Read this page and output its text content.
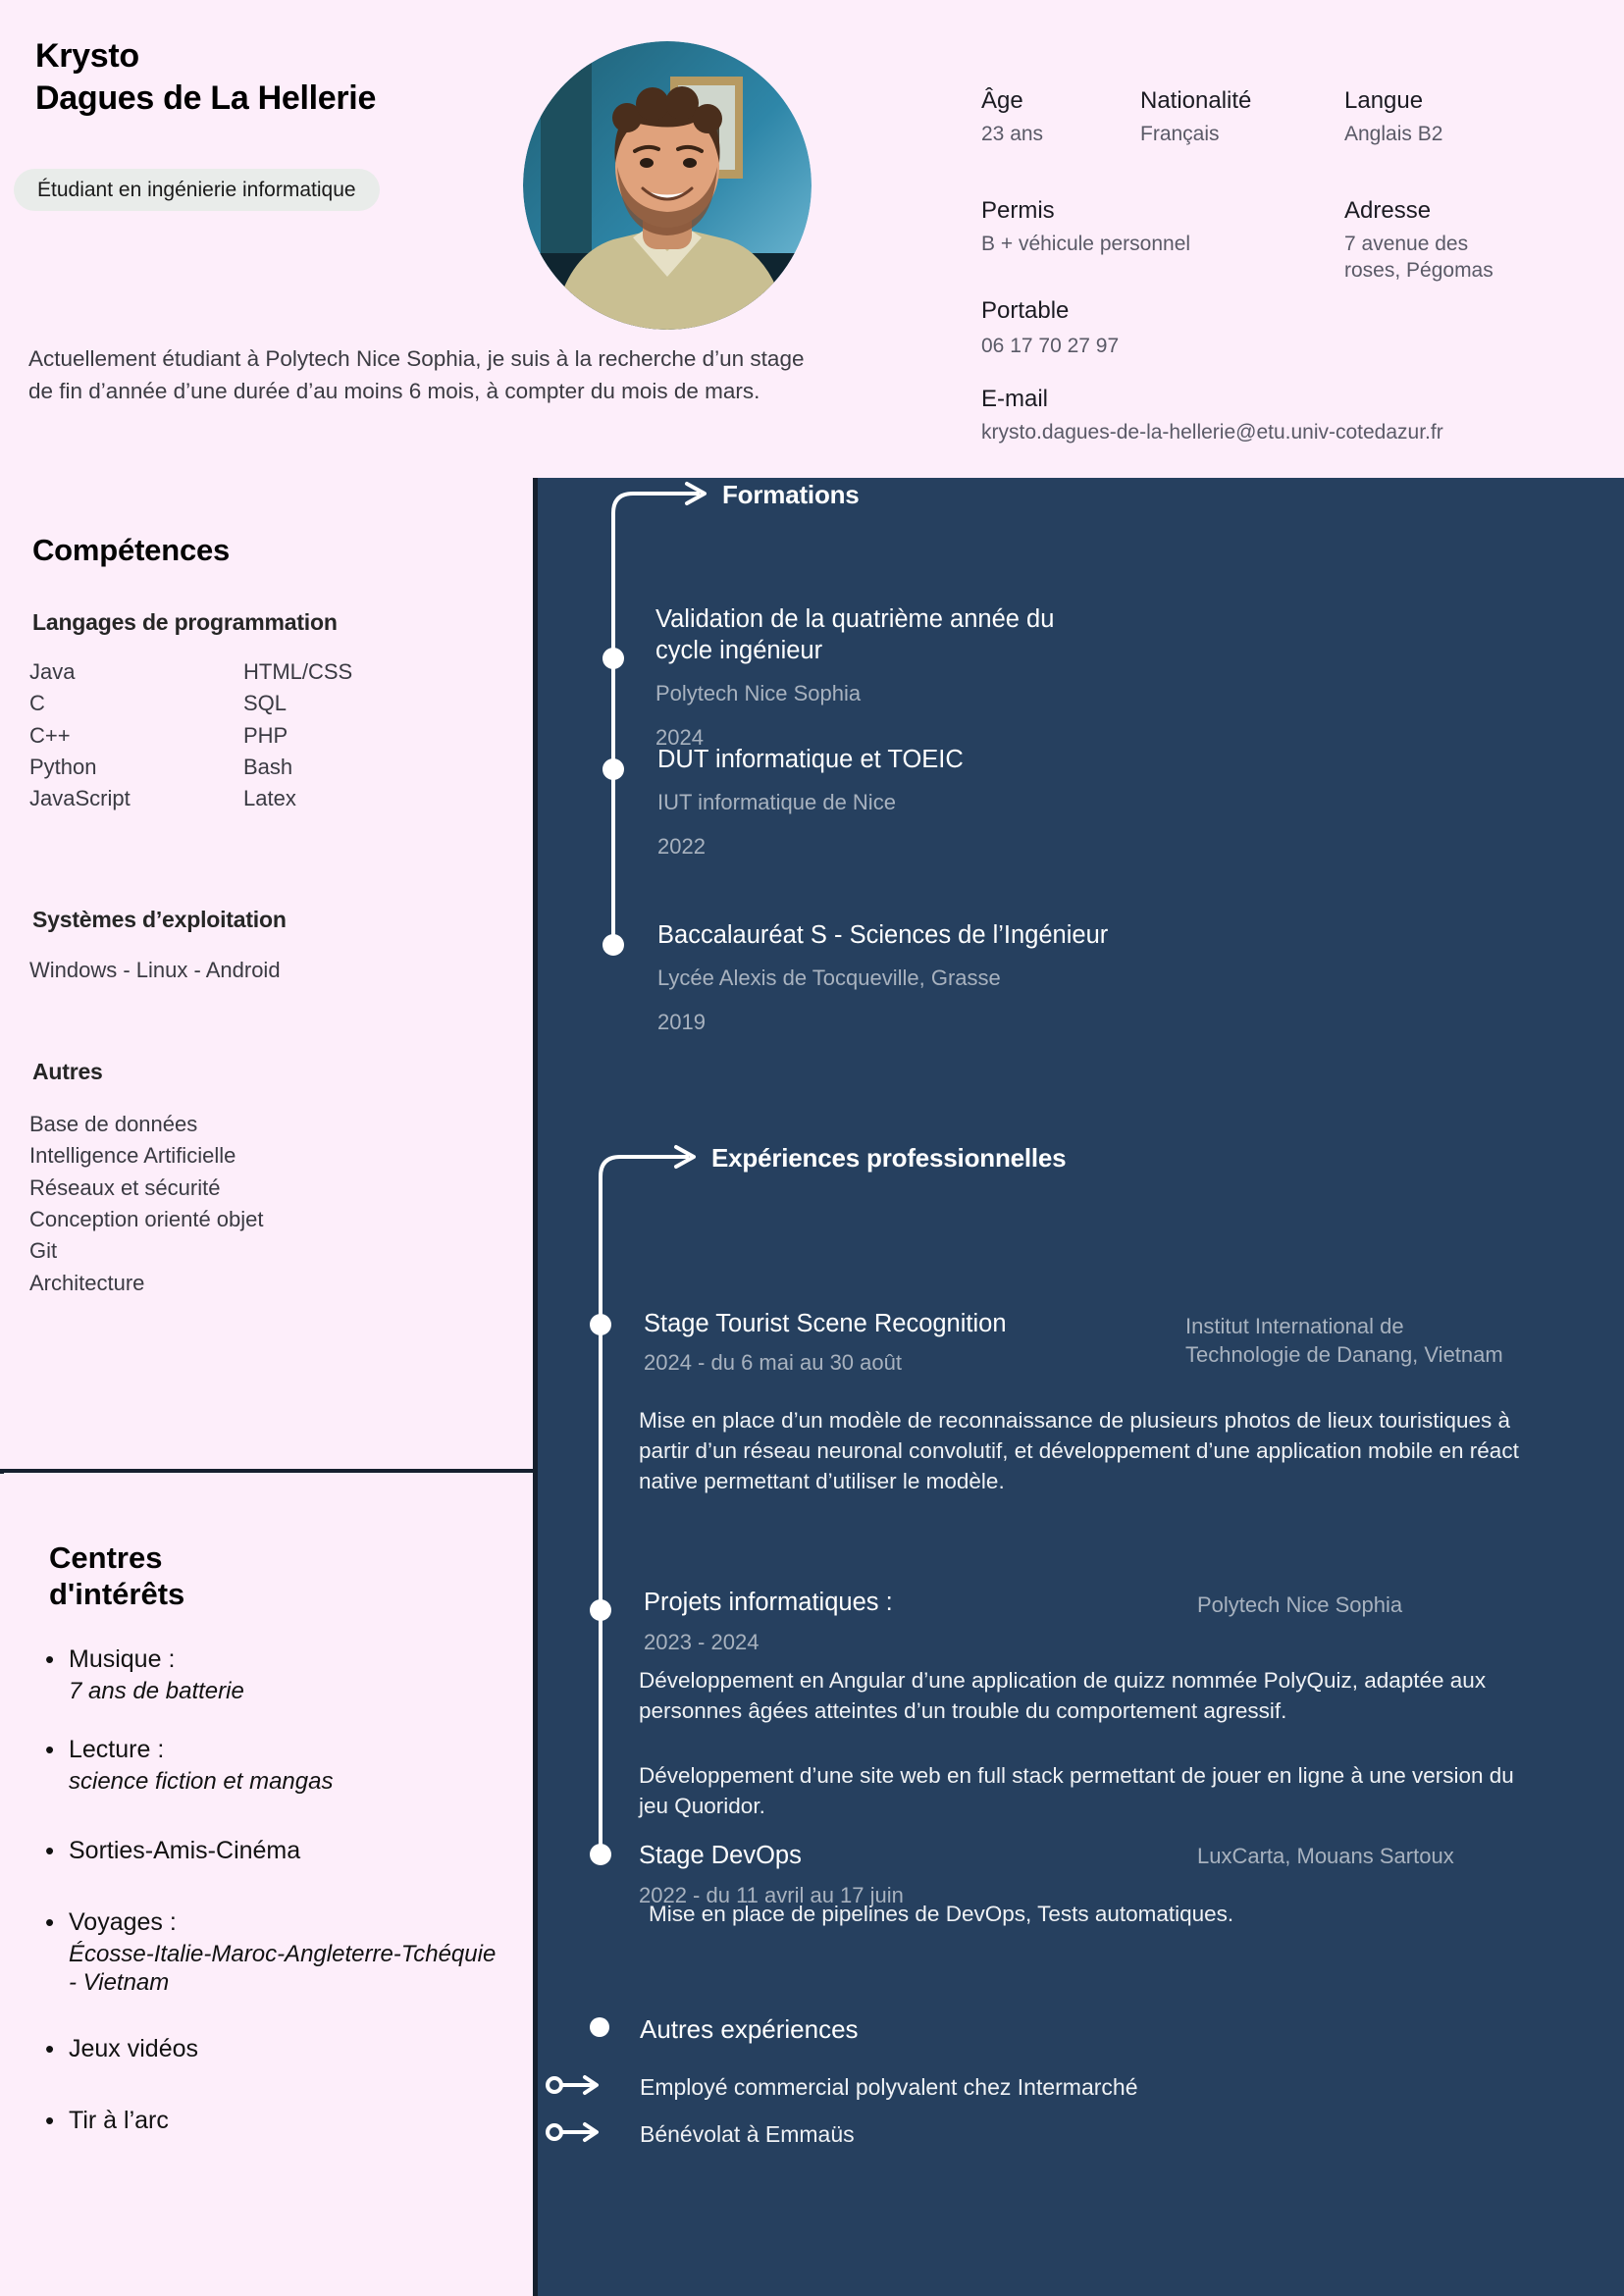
Krysto
Dagues de La Hellerie
Étudiant en ingénierie informatique
Actuellement étudiant à Polytech Nice Sophia, je suis à la recherche d’un stage de fin d’année d’une durée d’au moins 6 mois, à compter du mois de mars.
Âge
23 ans
Nationalité
Français
Langue
Anglais B2
Permis
B + véhicule personnel
Adresse
7 avenue des
roses, Pégomas
Portable
06 17 70 27 97
E-mail
krysto.dagues-de-la-hellerie@etu.univ-cotedazur.fr
Compétences
Langages de programmation
Java
C
C++
Python
JavaScript
HTML/CSS
SQL
PHP
Bash
Latex
Systèmes d’exploitation
Windows - Linux - Android
Autres
Base de données
Intelligence Artificielle
Réseaux et sécurité
Conception orienté objet
Git
Architecture
Centres
d'intérêts
• Musique :
7 ans de batterie
• Lecture :
science fiction et mangas
• Sorties-Amis-Cinéma
• Voyages :
Écosse-Italie-Maroc-Angleterre-Tchéquie - Vietnam
• Jeux vidéos
• Tir à l’arc
Formations
Validation de la quatrième année du
cycle ingénieur
Polytech Nice Sophia
2024
DUT informatique et TOEIC
IUT informatique de Nice
2022
Baccalauréat S - Sciences de l’Ingénieur
Lycée Alexis de Tocqueville, Grasse
2019
Expériences professionnelles
Stage Tourist Scene Recognition
2024 - du 6 mai au 30 août
Institut International de
Technologie de Danang, Vietnam
Mise en place d’un modèle de reconnaissance de plusieurs photos de lieux touristiques à partir d’un réseau neuronal convolutif, et développement d’une application mobile en réact native permettant d’utiliser le modèle.
Projets informatiques :
2023 - 2024
Polytech Nice Sophia
Développement en Angular d’une application de quizz nommée PolyQuiz, adaptée aux personnes âgées atteintes d’un trouble du comportement agressif.
Développement d’une site web en full stack permettant de jouer en ligne à une version du jeu Quoridor.
Stage DevOps
2022 - du 11 avril au 17 juin
LuxCarta, Mouans Sartoux
Mise en place de pipelines de DevOps, Tests automatiques.
Autres expériences
Employé commercial polyvalent chez Intermarché
Bénévolat à Emmaüs
